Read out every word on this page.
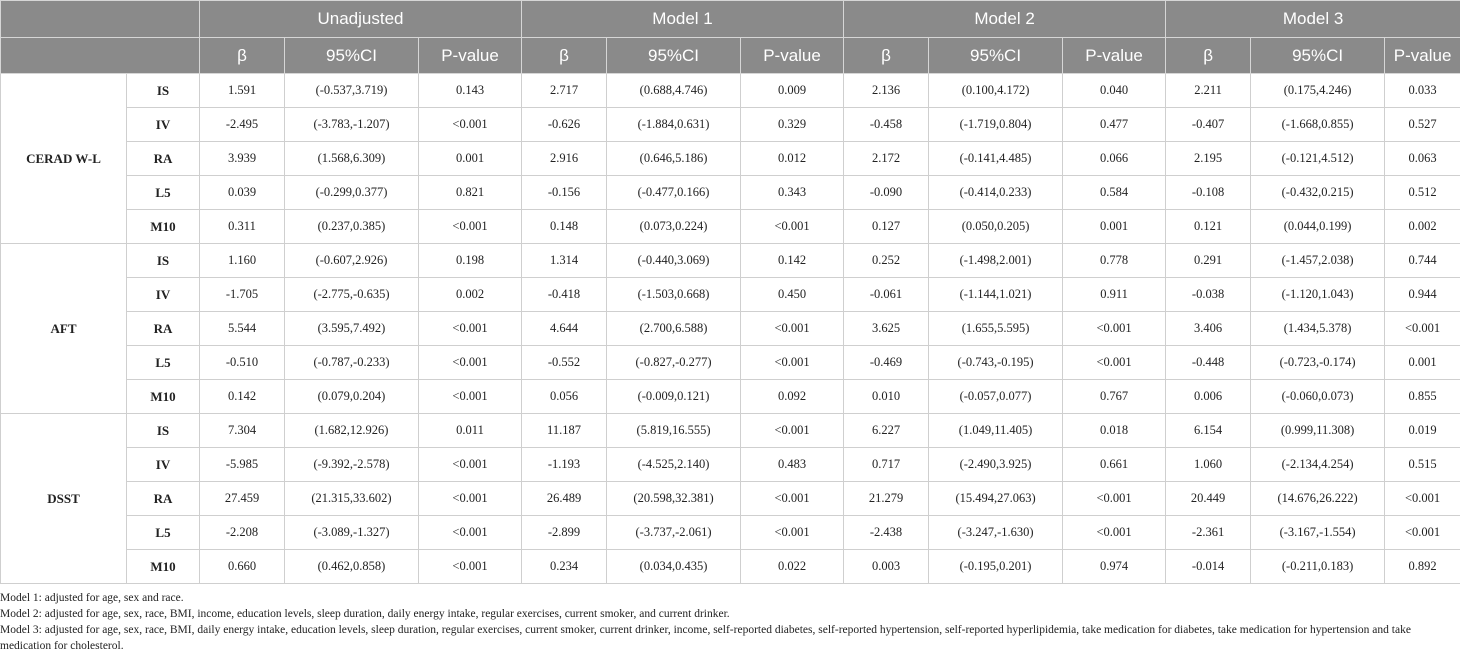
		Unadjusted			Model 1			Model 2			Model 3		
		β	95%CI	P-value	β	95%CI	P-value	β	95%CI	P-value	β	95%CI	P-value
CERAD W-L	IS	1.591	(-0.537,3.719)	0.143	2.717	(0.688,4.746)	0.009	2.136	(0.100,4.172)	0.040	2.211	(0.175,4.246)	0.033
	IV	-2.495	(-3.783,-1.207)	<0.001	-0.626	(-1.884,0.631)	0.329	-0.458	(-1.719,0.804)	0.477	-0.407	(-1.668,0.855)	0.527
	RA	3.939	(1.568,6.309)	0.001	2.916	(0.646,5.186)	0.012	2.172	(-0.141,4.485)	0.066	2.195	(-0.121,4.512)	0.063
	L5	0.039	(-0.299,0.377)	0.821	-0.156	(-0.477,0.166)	0.343	-0.090	(-0.414,0.233)	0.584	-0.108	(-0.432,0.215)	0.512
	M10	0.311	(0.237,0.385)	<0.001	0.148	(0.073,0.224)	<0.001	0.127	(0.050,0.205)	0.001	0.121	(0.044,0.199)	0.002
AFT	IS	1.160	(-0.607,2.926)	0.198	1.314	(-0.440,3.069)	0.142	0.252	(-1.498,2.001)	0.778	0.291	(-1.457,2.038)	0.744
	IV	-1.705	(-2.775,-0.635)	0.002	-0.418	(-1.503,0.668)	0.450	-0.061	(-1.144,1.021)	0.911	-0.038	(-1.120,1.043)	0.944
	RA	5.544	(3.595,7.492)	<0.001	4.644	(2.700,6.588)	<0.001	3.625	(1.655,5.595)	<0.001	3.406	(1.434,5.378)	<0.001
	L5	-0.510	(-0.787,-0.233)	<0.001	-0.552	(-0.827,-0.277)	<0.001	-0.469	(-0.743,-0.195)	<0.001	-0.448	(-0.723,-0.174)	0.001
	M10	0.142	(0.079,0.204)	<0.001	0.056	(-0.009,0.121)	0.092	0.010	(-0.057,0.077)	0.767	0.006	(-0.060,0.073)	0.855
DSST	IS	7.304	(1.682,12.926)	0.011	11.187	(5.819,16.555)	<0.001	6.227	(1.049,11.405)	0.018	6.154	(0.999,11.308)	0.019
	IV	-5.985	(-9.392,-2.578)	<0.001	-1.193	(-4.525,2.140)	0.483	0.717	(-2.490,3.925)	0.661	1.060	(-2.134,4.254)	0.515
	RA	27.459	(21.315,33.602)	<0.001	26.489	(20.598,32.381)	<0.001	21.279	(15.494,27.063)	<0.001	20.449	(14.676,26.222)	<0.001
	L5	-2.208	(-3.089,-1.327)	<0.001	-2.899	(-3.737,-2.061)	<0.001	-2.438	(-3.247,-1.630)	<0.001	-2.361	(-3.167,-1.554)	<0.001
	M10	0.660	(0.462,0.858)	<0.001	0.234	(0.034,0.435)	0.022	0.003	(-0.195,0.201)	0.974	-0.014	(-0.211,0.183)	0.892
Model 1: adjusted for age, sex and race.
Model 2: adjusted for age, sex, race, BMI, income, education levels, sleep duration, daily energy intake, regular exercises, current smoker, and current drinker.
Model 3: adjusted for age, sex, race, BMI, daily energy intake, education levels, sleep duration, regular exercises, current smoker, current drinker, income, self-reported diabetes, self-reported hypertension, self-reported hyperlipidemia, take medication for diabetes, take medication for hypertension and take medication for cholesterol.
